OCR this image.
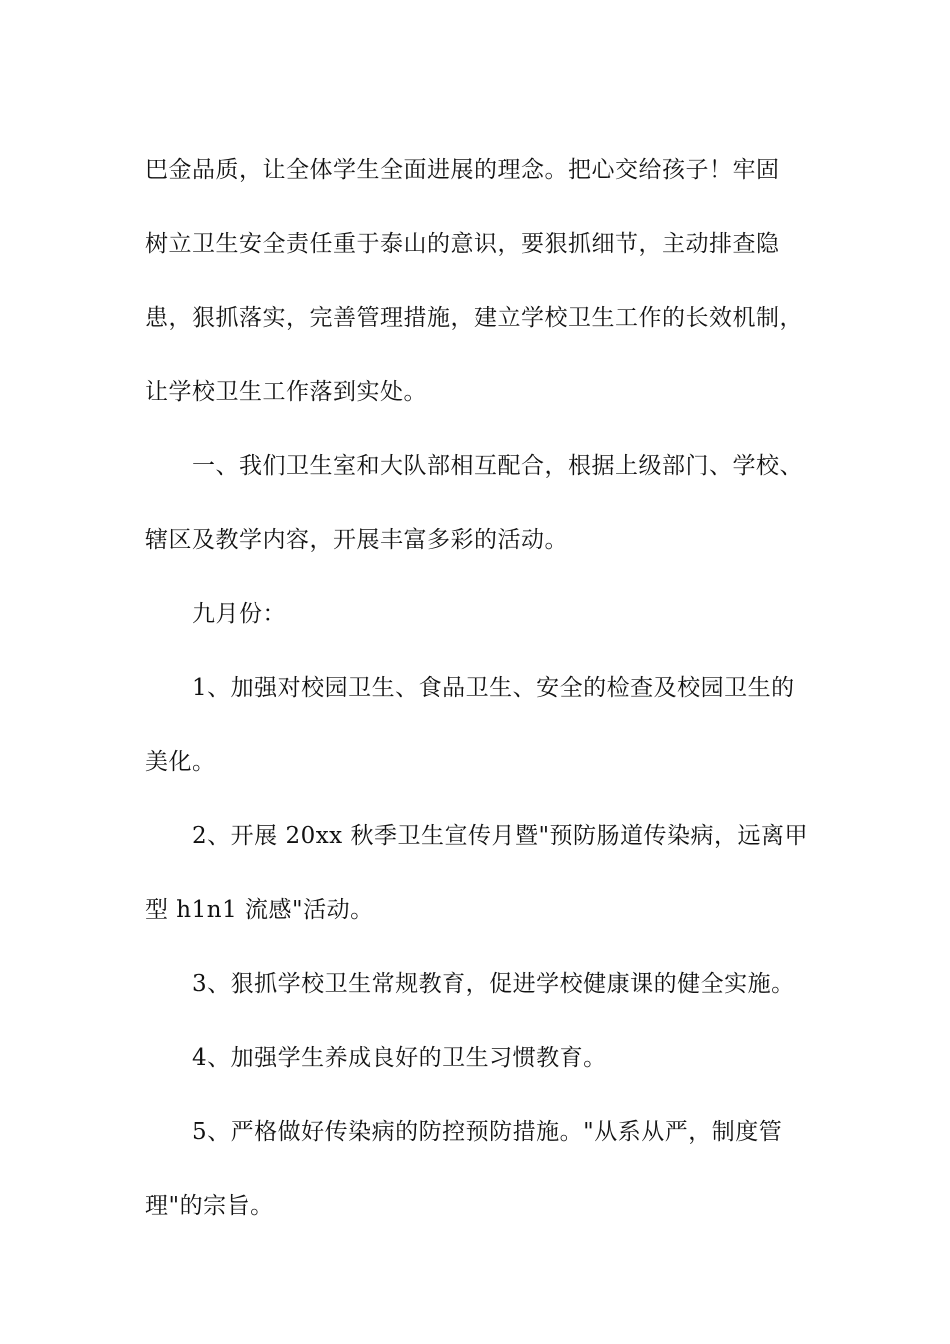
巴金品质，让全体学生全面进展的理念。把心交给孩子！牢固
树立卫生安全责任重于泰山的意识，要狠抓细节，主动排查隐
患，狠抓落实，完善管理措施，建立学校卫生工作的长效机制，
让学校卫生工作落到实处。
一、我们卫生室和大队部相互配合，根据上级部门、学校、
辖区及教学内容，开展丰富多彩的活动。
九月份：
1、加强对校园卫生、食品卫生、安全的检查及校园卫生的
美化。
2、开展 20xx 秋季卫生宣传月暨"预防肠道传染病，远离甲
型 h1n1 流感"活动。
3、狠抓学校卫生常规教育，促进学校健康课的健全实施。
4、加强学生养成良好的卫生习惯教育。
5、严格做好传染病的防控预防措施。"从系从严，制度管
理"的宗旨。
